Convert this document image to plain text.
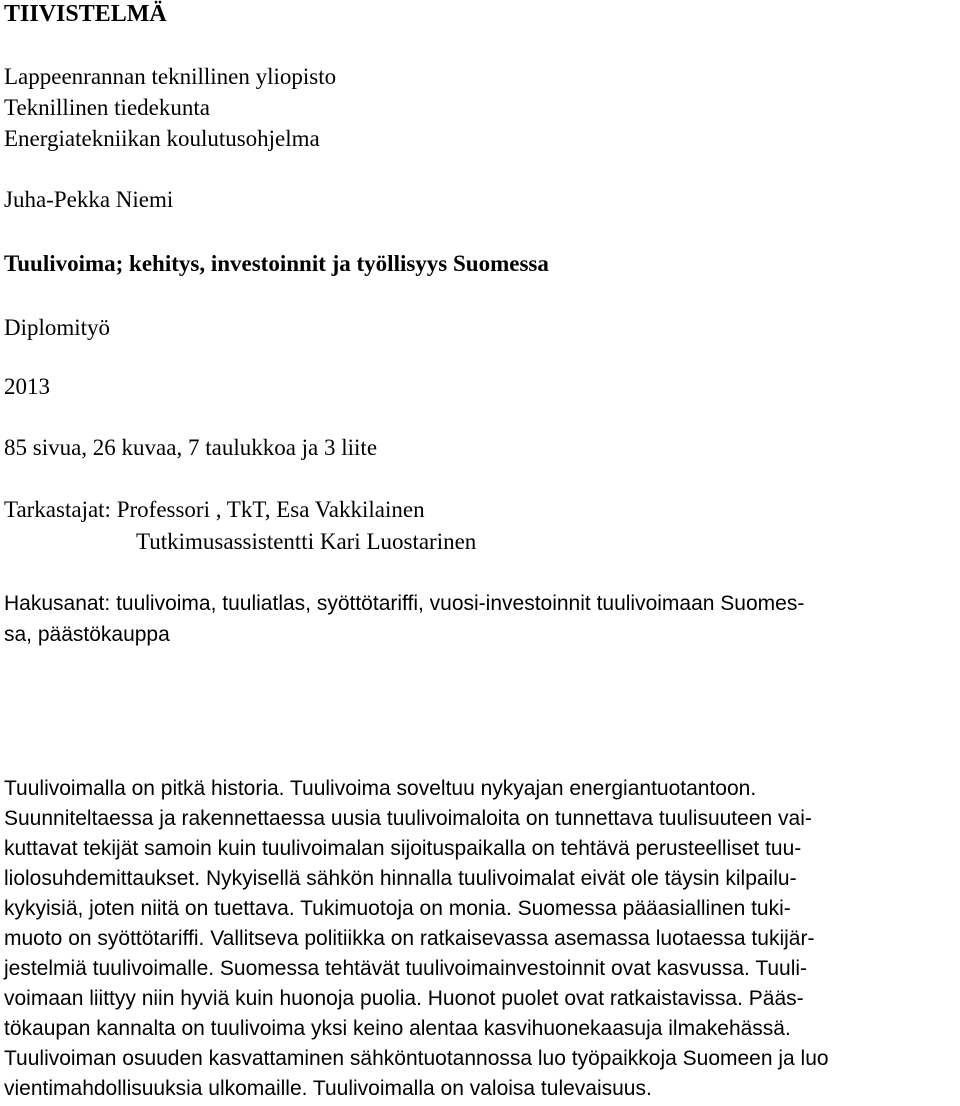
TIIVISTELMÄ
Lappeenrannan teknillinen yliopisto
Teknillinen tiedekunta
Energiatekniikan koulutusohjelma
Juha-Pekka Niemi
Tuulivoima; kehitys, investoinnit ja työllisyys Suomessa
Diplomityö
2013
85 sivua, 26 kuvaa, 7 taulukkoa ja 3 liite
Tarkastajat: Professori , TkT, Esa Vakkilainen
Tutkimusassistentti Kari Luostarinen
Hakusanat: tuulivoima, tuuliatlas, syöttötariffi, vuosi-investoinnit tuulivoimaan Suomes-
sa, päästökauppa
Tuulivoimalla on pitkä historia. Tuulivoima soveltuu nykyajan energiantuotantoon.
Suunniteltaessa ja rakennettaessa uusia tuulivoimaloita on tunnettava tuulisuuteen vai-
kuttavat tekijät samoin kuin tuulivoimalan sijoituspaikalla on tehtävä perusteelliset tuu-
liolosuhdemittaukset. Nykyisellä sähkön hinnalla tuulivoimalat eivät ole täysin kilpailu-
kykyisiä, joten niitä on tuettava. Tukimuotoja on monia. Suomessa pääasiallinen tuki-
muoto on syöttötariffi. Vallitseva politiikka on ratkaisevassa asemassa luotaessa tukijär-
jestelmiä tuulivoimalle. Suomessa tehtävät tuulivoimainvestoinnit ovat kasvussa. Tuuli-
voimaan liittyy niin hyviä kuin huonoja puolia. Huonot puolet ovat ratkaistavissa. Pääs-
tökaupan kannalta on tuulivoima yksi keino alentaa kasvihuonekaasuja ilmakehässä.
Tuulivoiman osuuden kasvattaminen sähköntuotannossa luo työpaikkoja Suomeen ja luo
vientimahdollisuuksia ulkomaille. Tuulivoimalla on valoisa tulevaisuus.
